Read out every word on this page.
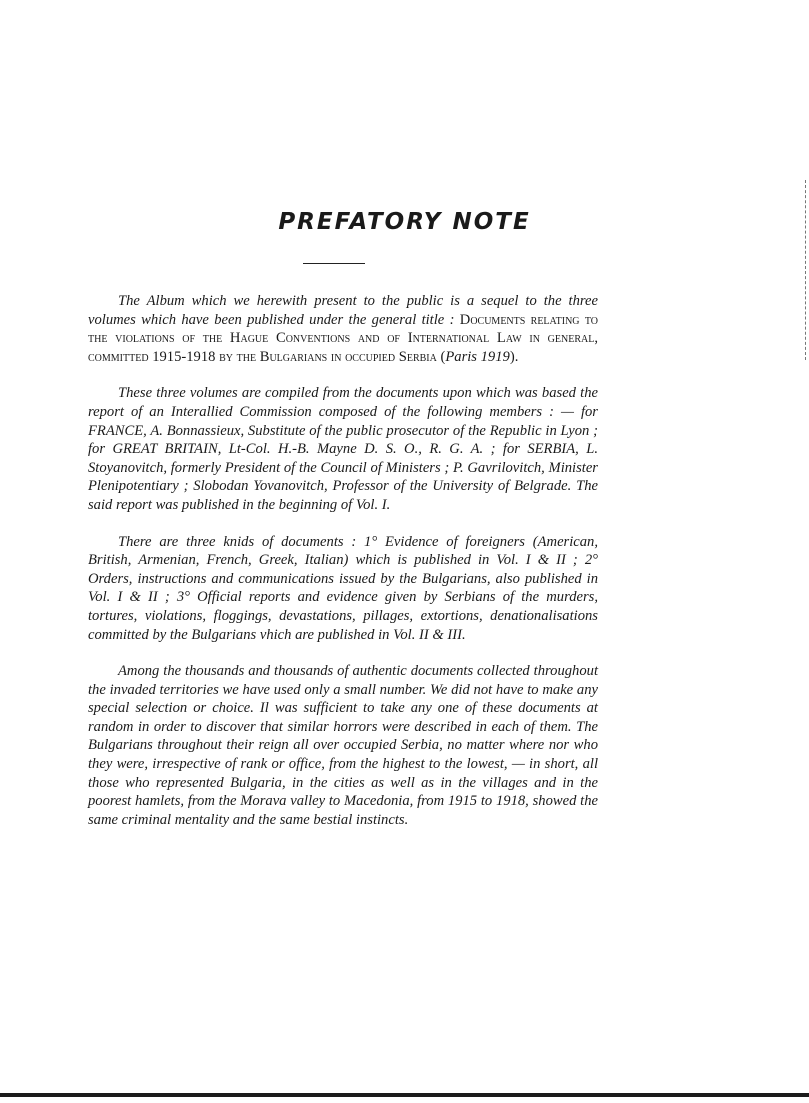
PREFATORY NOTE

The Album which we herewith present to the public is a sequel to the three volumes which have been published under the general title : Documents relating to the violations of the Hague Conventions and of International Law in general, committed 1915-1918 by the Bulgarians in occupied Serbia (Paris 1919).

These three volumes are compiled from the documents upon which was based the report of an Interallied Commission composed of the following members : — for FRANCE, A. Bonnassieux, Substitute of the public prosecutor of the Republic in Lyon ; for GREAT BRITAIN, Lt-Col. H.-B. Mayne D. S. O., R. G. A. ; for SERBIA, L. Stoyanovitch, formerly President of the Council of Ministers ; P. Gavrilovitch, Minister Plenipotentiary ; Slobodan Yovanovitch, Professor of the University of Belgrade. The said report was published in the beginning of Vol. I.

There are three knids of documents : 1° Evidence of foreigners (American, British, Armenian, French, Greek, Italian) which is published in Vol. I & II ; 2° Orders, instructions and communications issued by the Bulgarians, also published in Vol. I & II ; 3° Official reports and evidence given by Serbians of the murders, tortures, violations, floggings, devastations, pillages, extortions, denationalisations committed by the Bulgarians vhich are published in Vol. II & III.

Among the thousands and thousands of authentic documents collected throughout the invaded territories we have used only a small number. We did not have to make any special selection or choice. Il was sufficient to take any one of these documents at random in order to discover that similar horrors were described in each of them. The Bulgarians throughout their reign all over occupied Serbia, no matter where nor who they were, irrespective of rank or office, from the highest to the lowest, — in short, all those who represented Bulgaria, in the cities as well as in the villages and in the poorest hamlets, from the Morava valley to Macedonia, from 1915 to 1918, showed the same criminal mentality and the same bestial instincts.
